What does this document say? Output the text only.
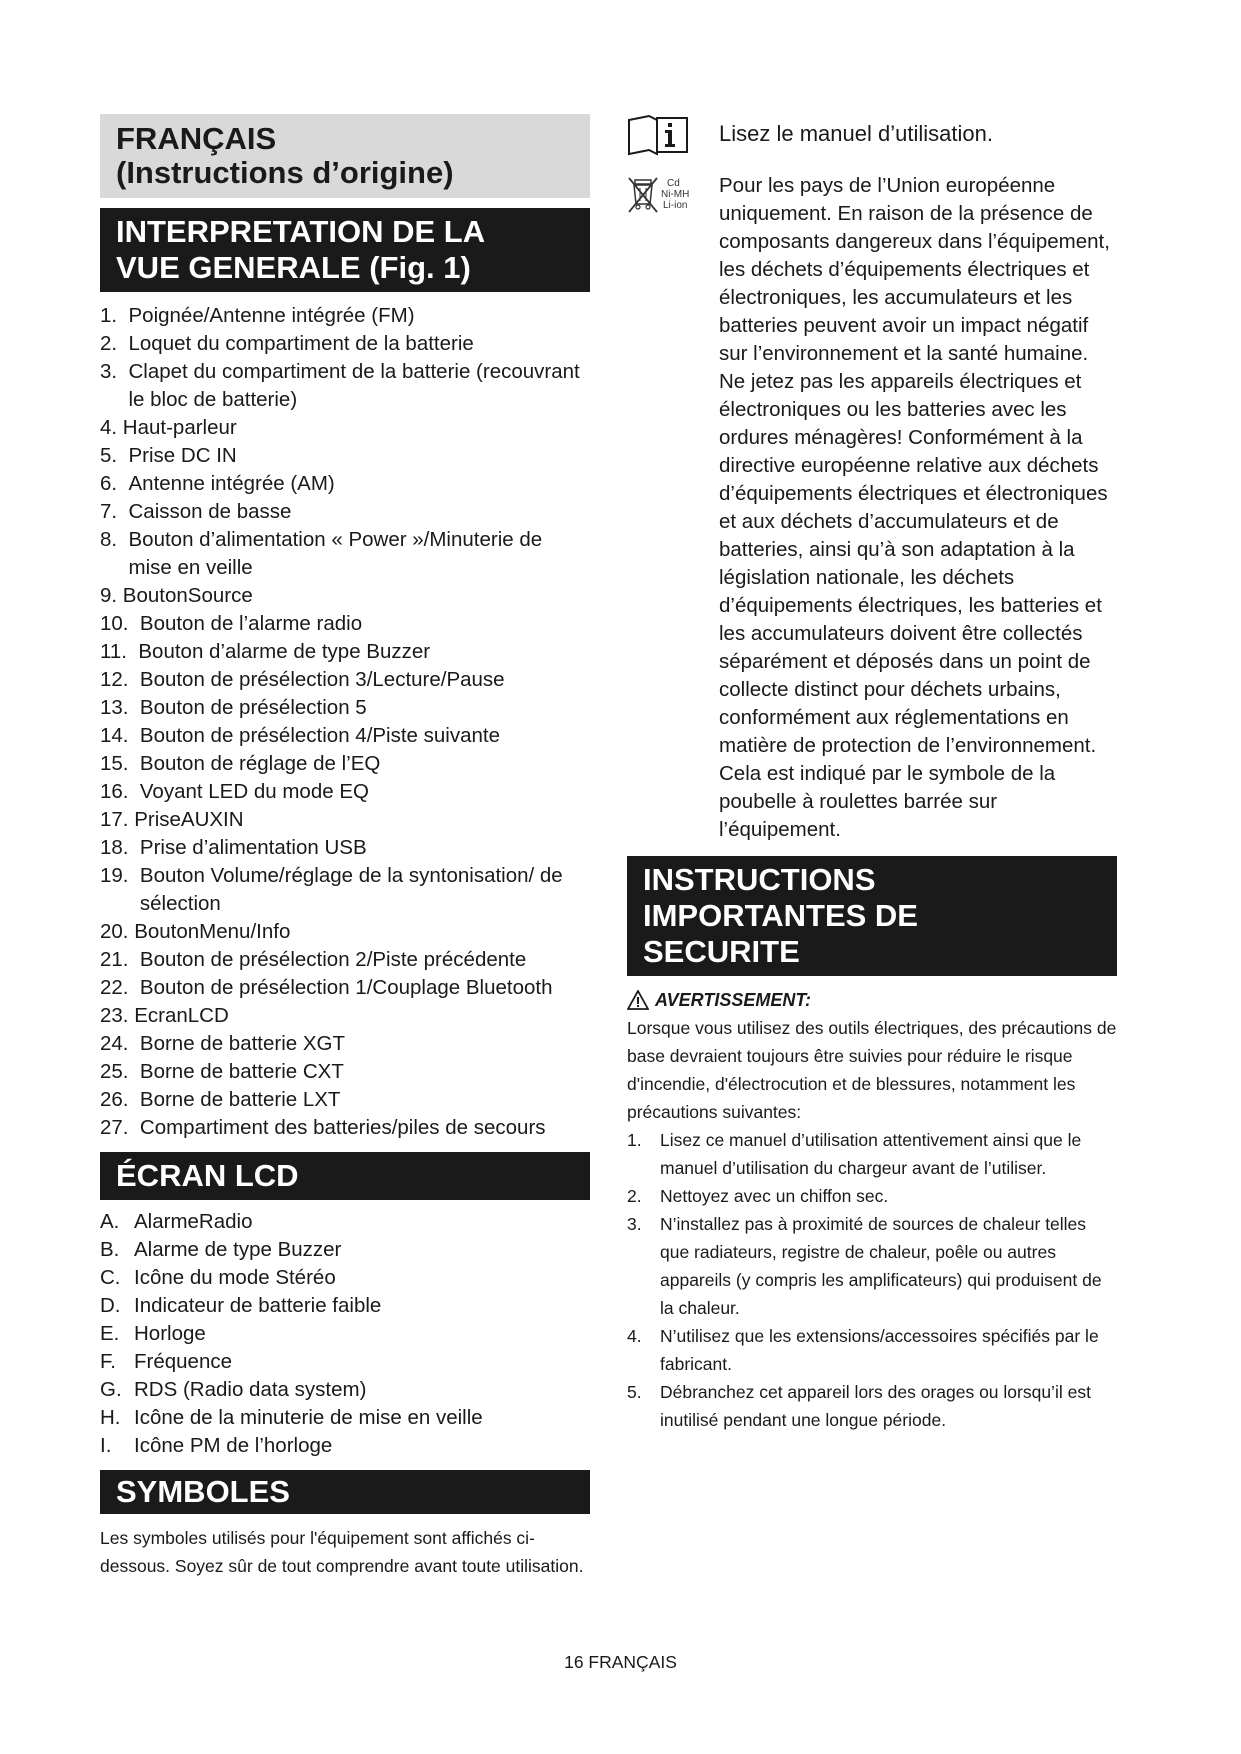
FRANÇAIS
(Instructions d’origine)
INTERPRETATION DE LA
VUE GENERALE (Fig. 1)
1. Poignée/Antenne intégrée (FM)
2. Loquet du compartiment de la batterie
3. Clapet du compartiment de la batterie (recouvrant le bloc de batterie)
4. Haut-parleur
5. Prise DC IN
6. Antenne intégrée (AM)
7. Caisson de basse
8. Bouton d’alimentation « Power »/Minuterie de mise en veille
9. BoutonSource
10. Bouton de l’alarme radio
11. Bouton d’alarme de type Buzzer
12. Bouton de présélection 3/Lecture/Pause
13. Bouton de présélection 5
14. Bouton de présélection 4/Piste suivante
15. Bouton de réglage de l’EQ
16. Voyant LED du mode EQ
17. PriseAUXIN
18. Prise d’alimentation USB
19. Bouton Volume/réglage de la syntonisation/ de sélection
20. BoutonMenu/Info
21. Bouton de présélection 2/Piste précédente
22. Bouton de présélection 1/Couplage Bluetooth
23. EcranLCD
24. Borne de batterie XGT
25. Borne de batterie CXT
26. Borne de batterie LXT
27. Compartiment des batteries/piles de secours
ÉCRAN LCD
A. AlarmeRadio
B. Alarme de type Buzzer
C. Icône du mode Stéréo
D. Indicateur de batterie faible
E. Horloge
F. Fréquence
G. RDS (Radio data system)
H. Icône de la minuterie de mise en veille
I.	Icône PM de l’horloge
SYMBOLES
Les symboles utilisés pour l'équipement sont affichés ci-dessous. Soyez sûr de tout comprendre avant toute utilisation.
Lisez le manuel d’utilisation.
Cd
Ni-MH
Li-ion
Pour les pays de l’Union européenne uniquement. En raison de la présence de composants dangereux dans l’équipement, les déchets d’équipements électriques et électroniques, les accumulateurs et les batteries peuvent avoir un impact négatif sur l’environnement et la santé humaine. Ne jetez pas les appareils électriques et électroniques ou les batteries avec les ordures ménagères! Conformément à la directive européenne relative aux déchets d’équipements électriques et électroniques et aux déchets d’accumulateurs et de batteries, ainsi qu’à son adaptation à la législation nationale, les déchets d’équipements électriques, les batteries et les accumulateurs doivent être collectés séparément et déposés dans un point de collecte distinct pour déchets urbains, conformément aux réglementations en matière de protection de l’environnement. Cela est indiqué par le symbole de la poubelle à roulettes barrée sur l’équipement.
INSTRUCTIONS
IMPORTANTES DE
SECURITE
AVERTISSEMENT:
Lorsque vous utilisez des outils électriques, des précautions de base devraient toujours être suivies pour réduire le risque d'incendie, d'électrocution et de blessures, notamment les précautions suivantes:
1.	Lisez ce manuel d’utilisation attentivement ainsi que le manuel d’utilisation du chargeur avant de l’utiliser.
2.	Nettoyez avec un chiffon sec.
3.	N’installez pas à proximité de sources de chaleur telles que radiateurs, registre de chaleur, poêle ou autres appareils (y compris les amplificateurs) qui produisent de la chaleur.
4.	N’utilisez que les extensions/accessoires spécifiés par le fabricant.
5.	Débranchez cet appareil lors des orages ou lorsqu’il est inutilisé pendant une longue période.
16 FRANÇAIS
